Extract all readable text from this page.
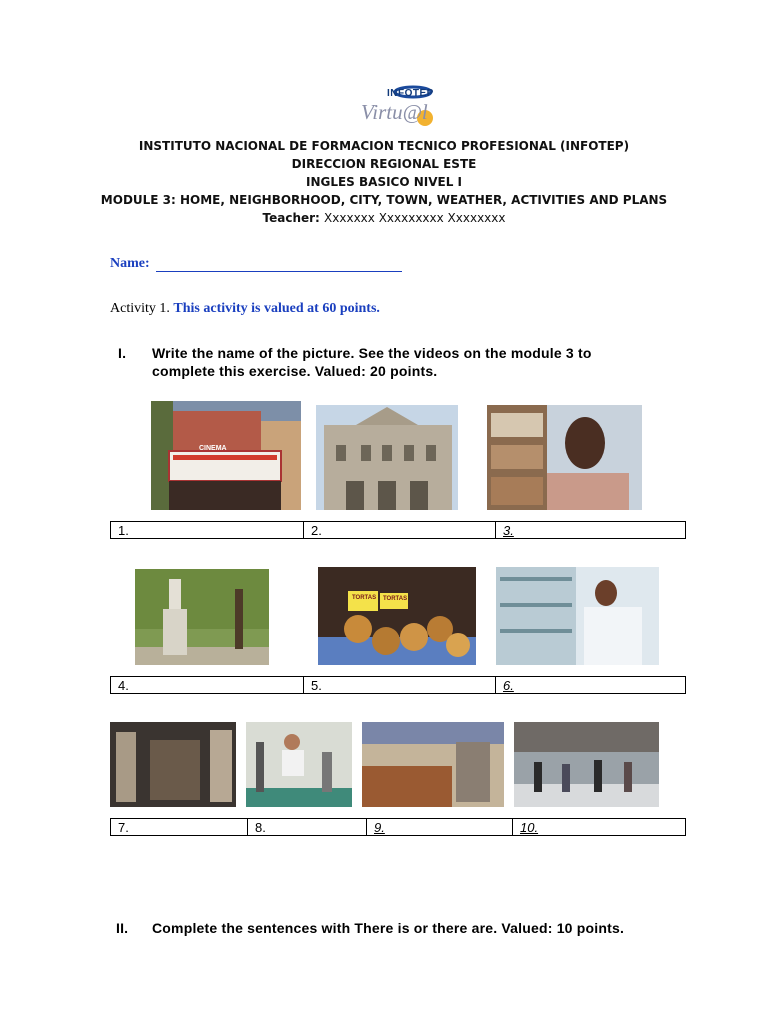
INFOTEP
Virtu@l
INSTITUTO NACIONAL DE FORMACION TECNICO PROFESIONAL (INFOTEP)
DIRECCION REGIONAL ESTE
INGLES BASICO NIVEL I
MODULE 3: HOME, NEIGHBORHOOD, CITY, TOWN, WEATHER, ACTIVITIES AND PLANS
Teacher: Xxxxxxx Xxxxxxxxx Xxxxxxxx
Name:
Activity 1. This activity is valued at 60 points.
I. Write the name of the picture. See the videos on the module 3 to
complete this exercise. Valued: 20 points.
CINEMA
1.	2.	3.
TORTAS TORTAS
4.	5.	6.
7.	8.	9.	10.
II. Complete the sentences with There is or there are. Valued: 10 points.
